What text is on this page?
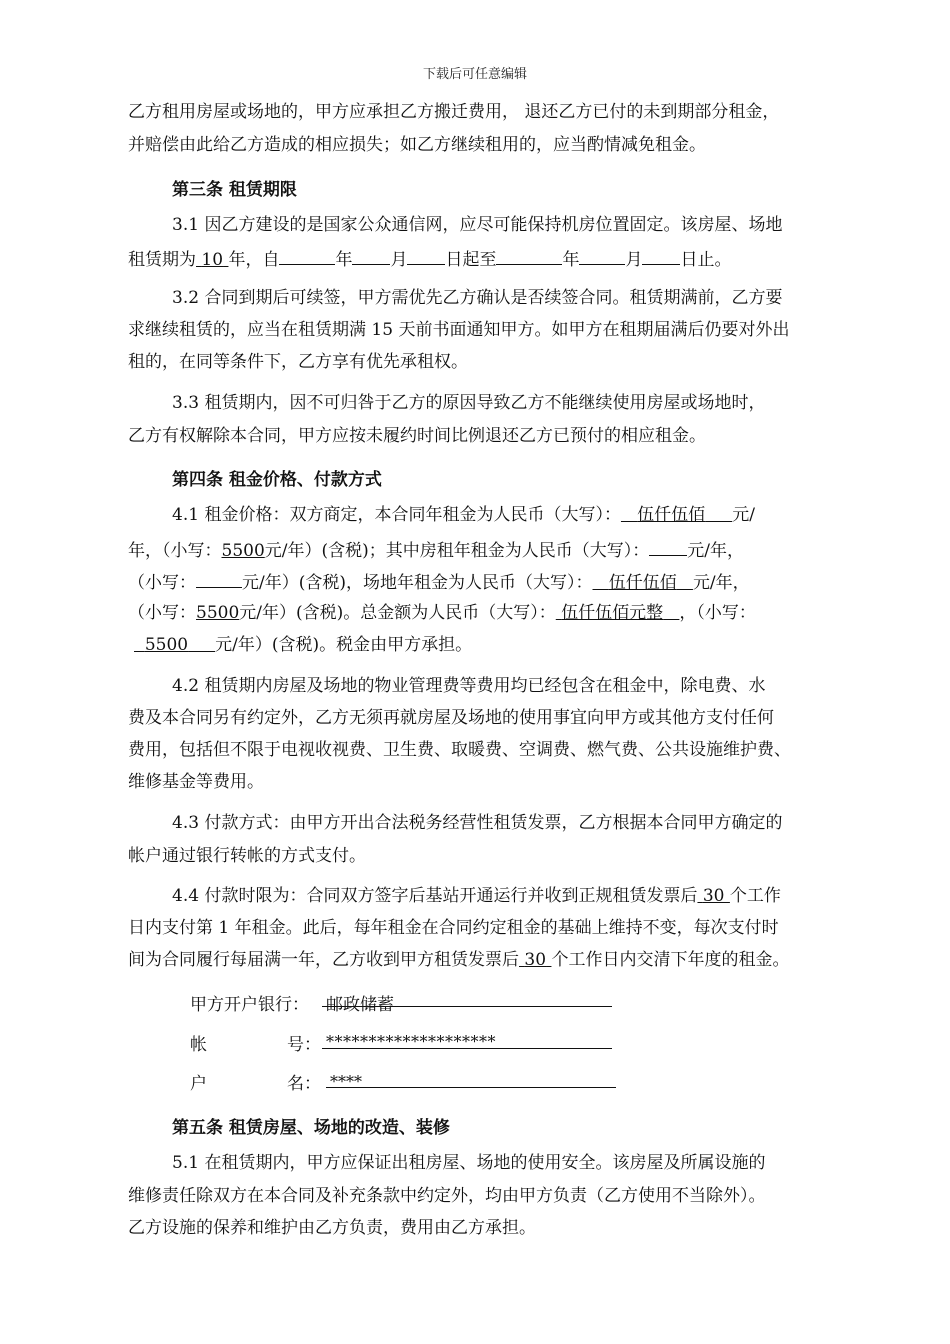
下载后可任意编辑
乙方租用房屋或场地的，甲方应承担乙方搬迁费用， 退还乙方已付的未到期部分租金，
并赔偿由此给乙方造成的相应损失；如乙方继续租用的，应当酌情减免租金。
第三条 租赁期限
3.1 因乙方建设的是国家公众通信网，应尽可能保持机房位置固定。该房屋、场地
租赁期为 10 年，自	年 月 日起至	年	月 日止。
3.2 合同到期后可续签，甲方需优先乙方确认是否续签合同。租赁期满前，乙方要
求继续租赁的，应当在租赁期满 15 天前书面通知甲方。如甲方在租期届满后仍要对外出
租的，在同等条件下，乙方享有优先承租权。
3.3 租赁期内，因不可归咎于乙方的原因导致乙方不能继续使用房屋或场地时，
乙方有权解除本合同，甲方应按未履约时间比例退还乙方已预付的相应租金。
第四条 租金价格、付款方式
4.1 租金价格：双方商定，本合同年租金为人民币（大写）： 伍仟伍佰 元/
年，（小写：5500元/年）(含税)；其中房租年租金为人民币（大写）： 元/年，
（小写：	元/年）(含税)，场地年租金为人民币（大写）： 伍仟伍佰 元/年，
（小写：5500元/年）(含税)。总金额为人民币（大写）： 伍仟伍佰元整 ，（小写：
5500 元/年）(含税)。税金由甲方承担。
4.2 租赁期内房屋及场地的物业管理费等费用均已经包含在租金中，除电费、水
费及本合同另有约定外，乙方无须再就房屋及场地的使用事宜向甲方或其他方支付任何
费用，包括但不限于电视收视费、卫生费、取暖费、空调费、燃气费、公共设施维护费、
维修基金等费用。
4.3 付款方式：由甲方开出合法税务经营性租赁发票，乙方根据本合同甲方确定的
帐户通过银行转帐的方式支付。
4.4 付款时限为：合同双方签字后基站开通运行并收到正规租赁发票后 30 个工作
日内支付第 1 年租金。此后，每年租金在合同约定租金的基础上维持不变，每次支付时
间为合同履行每届满一年，乙方收到甲方租赁发票后 30 个工作日内交清下年度的租金。
甲方开户银行： 邮政储蓄
帐	号： ********************
户	名： ****
第五条 租赁房屋、场地的改造、装修
5.1 在租赁期内，甲方应保证出租房屋、场地的使用安全。该房屋及所属设施的
维修责任除双方在本合同及补充条款中约定外，均由甲方负责（乙方使用不当除外）。
乙方设施的保养和维护由乙方负责，费用由乙方承担。
